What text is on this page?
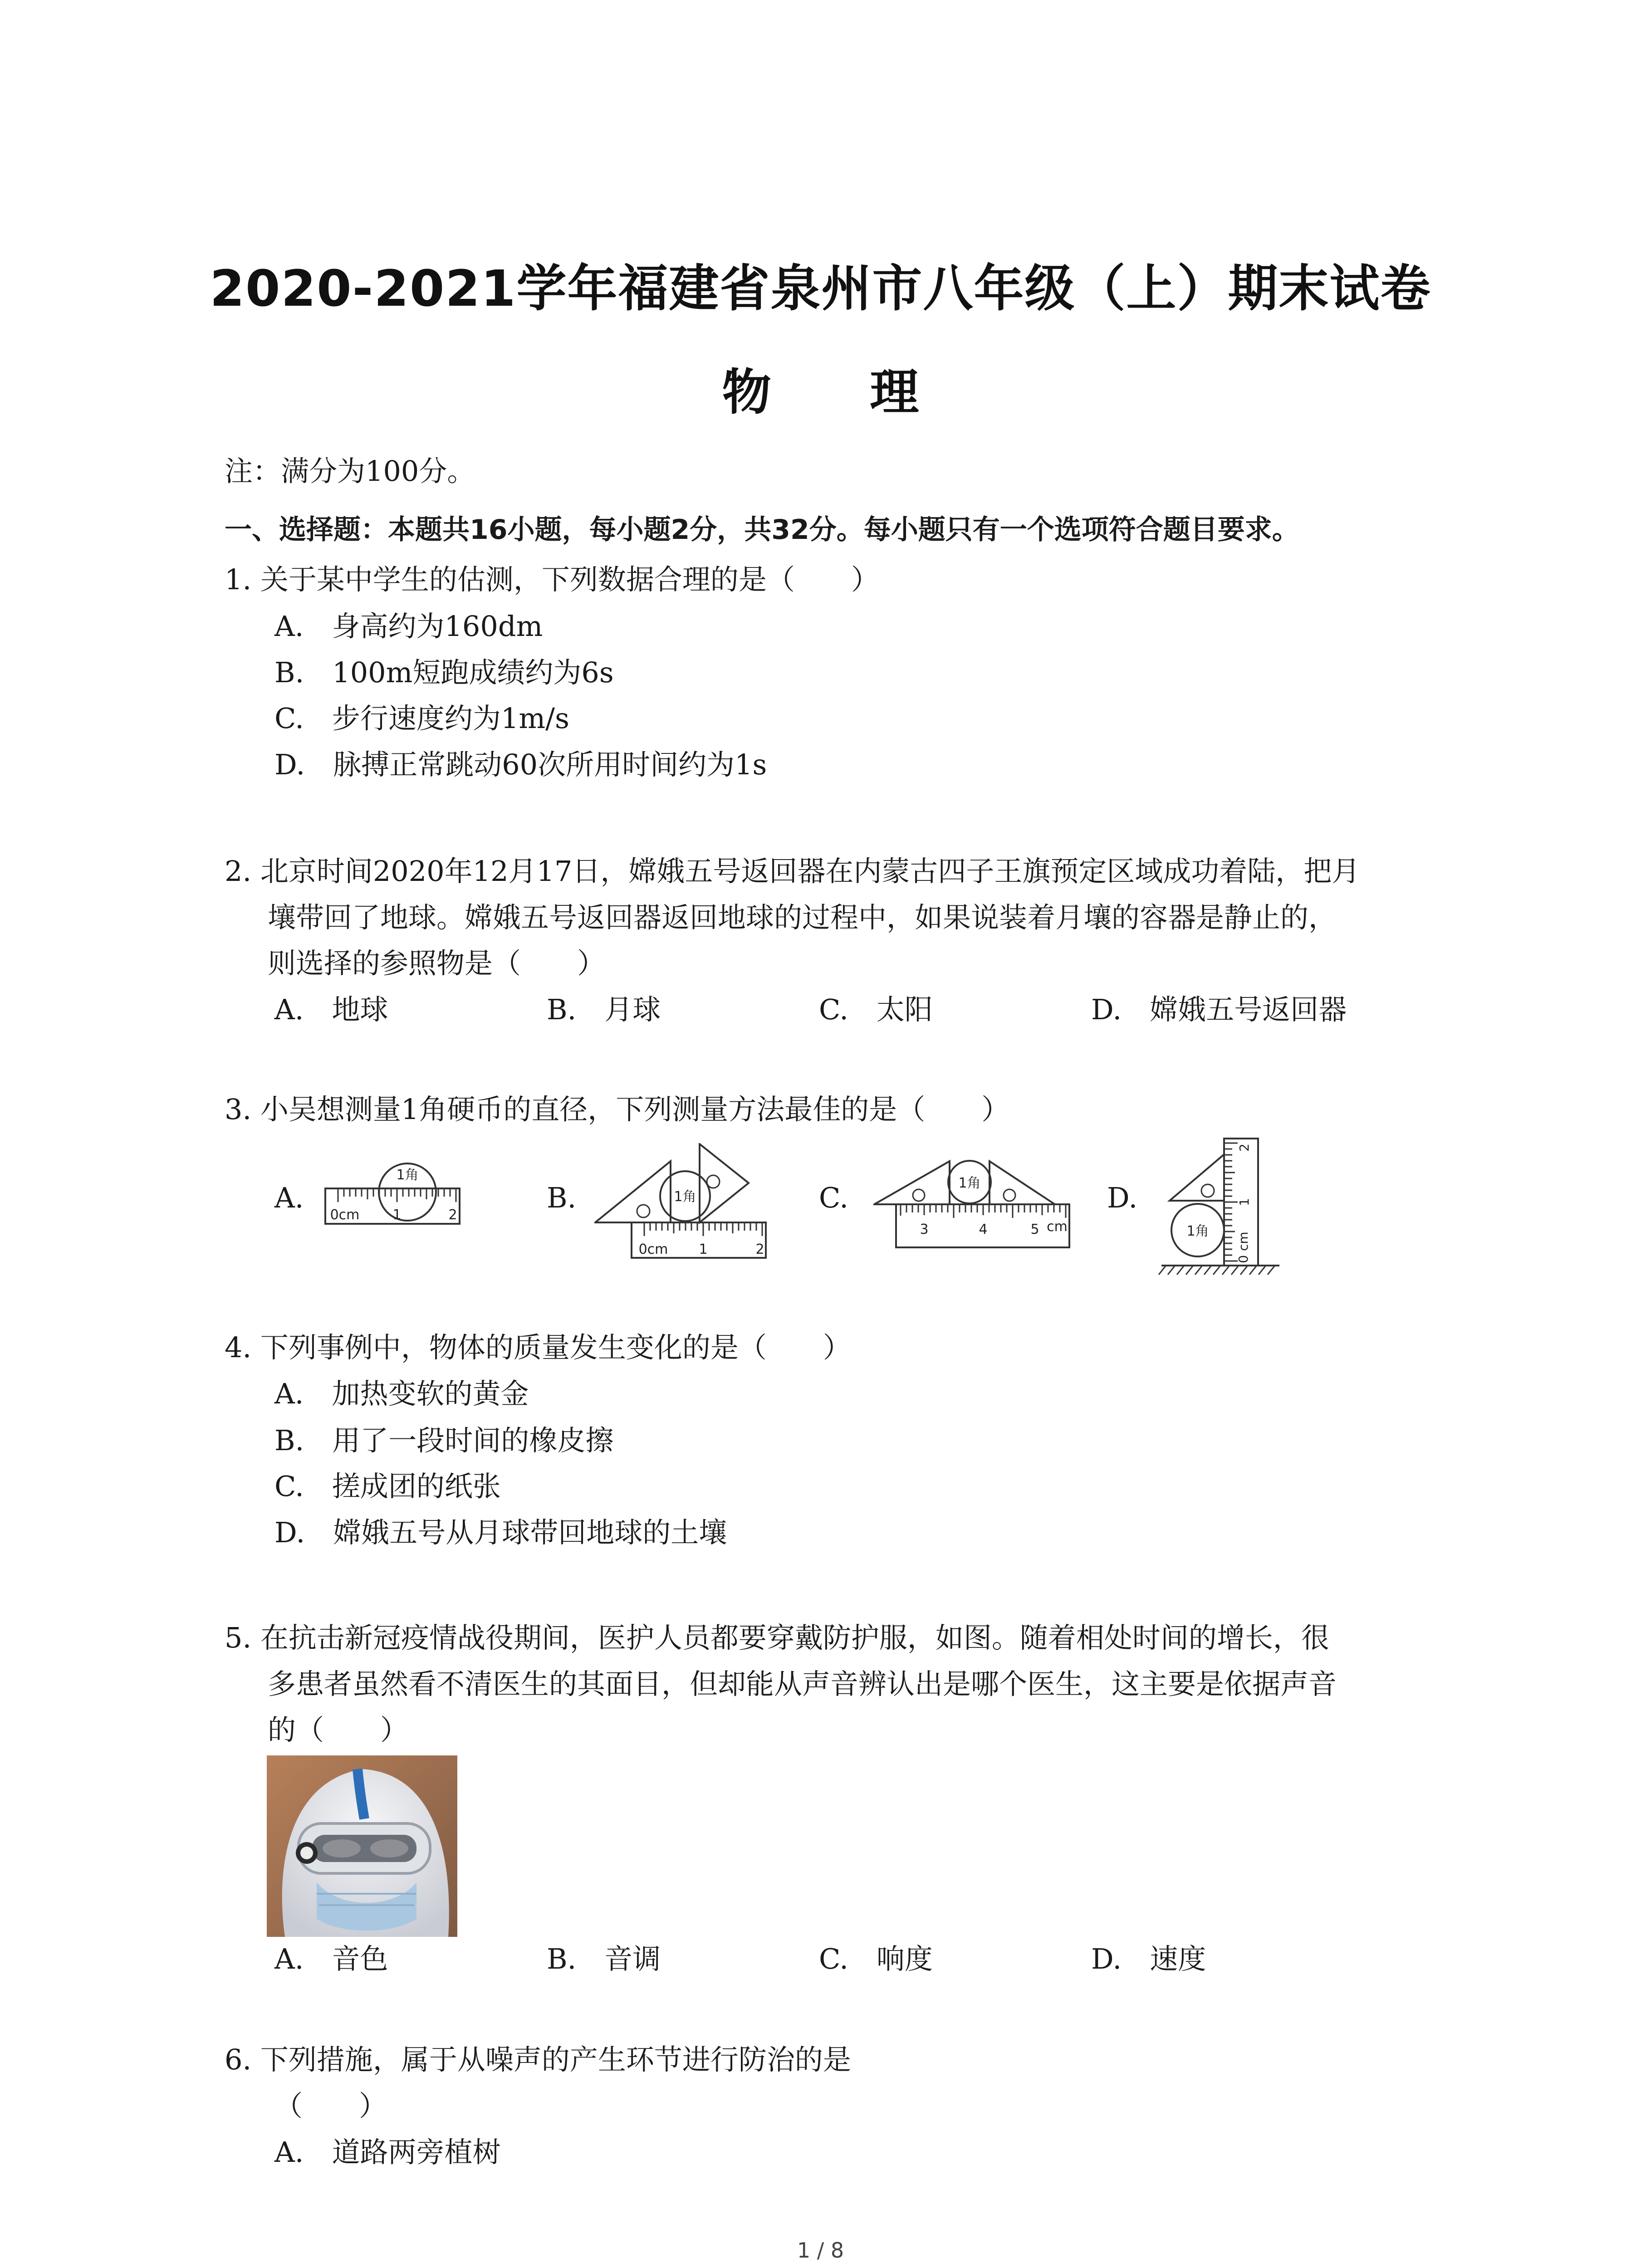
2020-2021学年福建省泉州市八年级（上）期末试卷
物 理
注：满分为100分。
一、选择题：本题共16小题，每小题2分，共32分。每小题只有一个选项符合题目要求。
1. 关于某中学生的估测，下列数据合理的是（　　）
A.　身高约为160dm
B.　100m短跑成绩约为6s
C.　步行速度约为1m/s
D.　脉搏正常跳动60次所用时间约为1s
2. 北京时间2020年12月17日，嫦娥五号返回器在内蒙古四子王旗预定区域成功着陆，把月
壤带回了地球。嫦娥五号返回器返回地球的过程中，如果说装着月壤的容器是静止的，
则选择的参照物是（　　）
A.　地球	B.　月球	C.　太阳	D.　嫦娥五号返回器
3. 小吴想测量1角硬币的直径，下列测量方法最佳的是（　　）
A.	B.	C.	D.
1角
0cm 1	2
1角
0cm 1	2
1角
3	4	5 cm	1角
0 cm
1
2
4. 下列事例中，物体的质量发生变化的是（　　）
A.　加热变软的黄金
B.　用了一段时间的橡皮擦
C.　搓成团的纸张
D.　嫦娥五号从月球带回地球的土壤
5. 在抗击新冠疫情战役期间，医护人员都要穿戴防护服，如图。随着相处时间的增长，很
多患者虽然看不清医生的其面目，但却能从声音辨认出是哪个医生，这主要是依据声音
的（　　）
A.　音色	B.　音调	C.　响度	D.　速度
6. 下列措施，属于从噪声的产生环节进行防治的是
（　　）
A.　道路两旁植树
1 / 8
